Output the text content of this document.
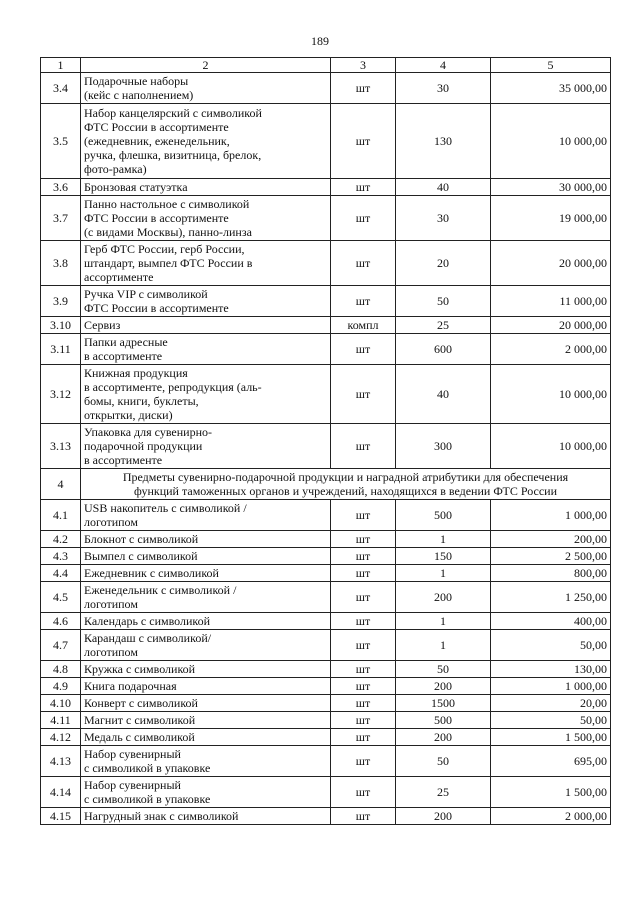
189
1	2	3	4	5
3.4	Подарочные наборы
(кейс с наполнением)	шт	30	35 000,00
3.5	Набор канцелярский с символикой
ФТС России в ассортименте
(ежедневник, еженедельник,
ручка, флешка, визитница, брелок,
фото-рамка)	шт	130	10 000,00
3.6	Бронзовая статуэтка	шт	40	30 000,00
3.7	Панно настольное с символикой
ФТС России в ассортименте
(с видами Москвы), панно-линза	шт	30	19 000,00
3.8	Герб ФТС России, герб России,
штандарт, вымпел ФТС России в
ассортименте	шт	20	20 000,00
3.9	Ручка VIP с символикой
ФТС России в ассортименте	шт	50	11 000,00
3.10	Сервиз	компл	25	20 000,00
3.11	Папки адресные
в ассортименте	шт	600	2 000,00
3.12	Книжная продукция
в ассортименте, репродукция (аль-
бомы, книги, буклеты,
открытки, диски)	шт	40	10 000,00
3.13	Упаковка для сувенирно-
подарочной продукции
в ассортименте	шт	300	10 000,00
4	Предметы сувенирно-подарочной продукции и наградной атрибутики для обеспечения
функций таможенных органов и учреждений, находящихся в ведении ФТС России			
4.1	USB накопитель с символикой /
логотипом	шт	500	1 000,00
4.2	Блокнот с символикой	шт	1	200,00
4.3	Вымпел с символикой	шт	150	2 500,00
4.4	Ежедневник с символикой	шт	1	800,00
4.5	Еженедельник с символикой /
логотипом	шт	200	1 250,00
4.6	Календарь с символикой	шт	1	400,00
4.7	Карандаш с символикой/
логотипом	шт	1	50,00
4.8	Кружка с символикой	шт	50	130,00
4.9	Книга подарочная	шт	200	1 000,00
4.10	Конверт с символикой	шт	1500	20,00
4.11	Магнит с символикой	шт	500	50,00
4.12	Медаль с символикой	шт	200	1 500,00
4.13	Набор сувенирный
с символикой в упаковке	шт	50	695,00
4.14	Набор сувенирный
с символикой в упаковке	шт	25	1 500,00
4.15	Нагрудный знак с символикой	шт	200	2 000,00
